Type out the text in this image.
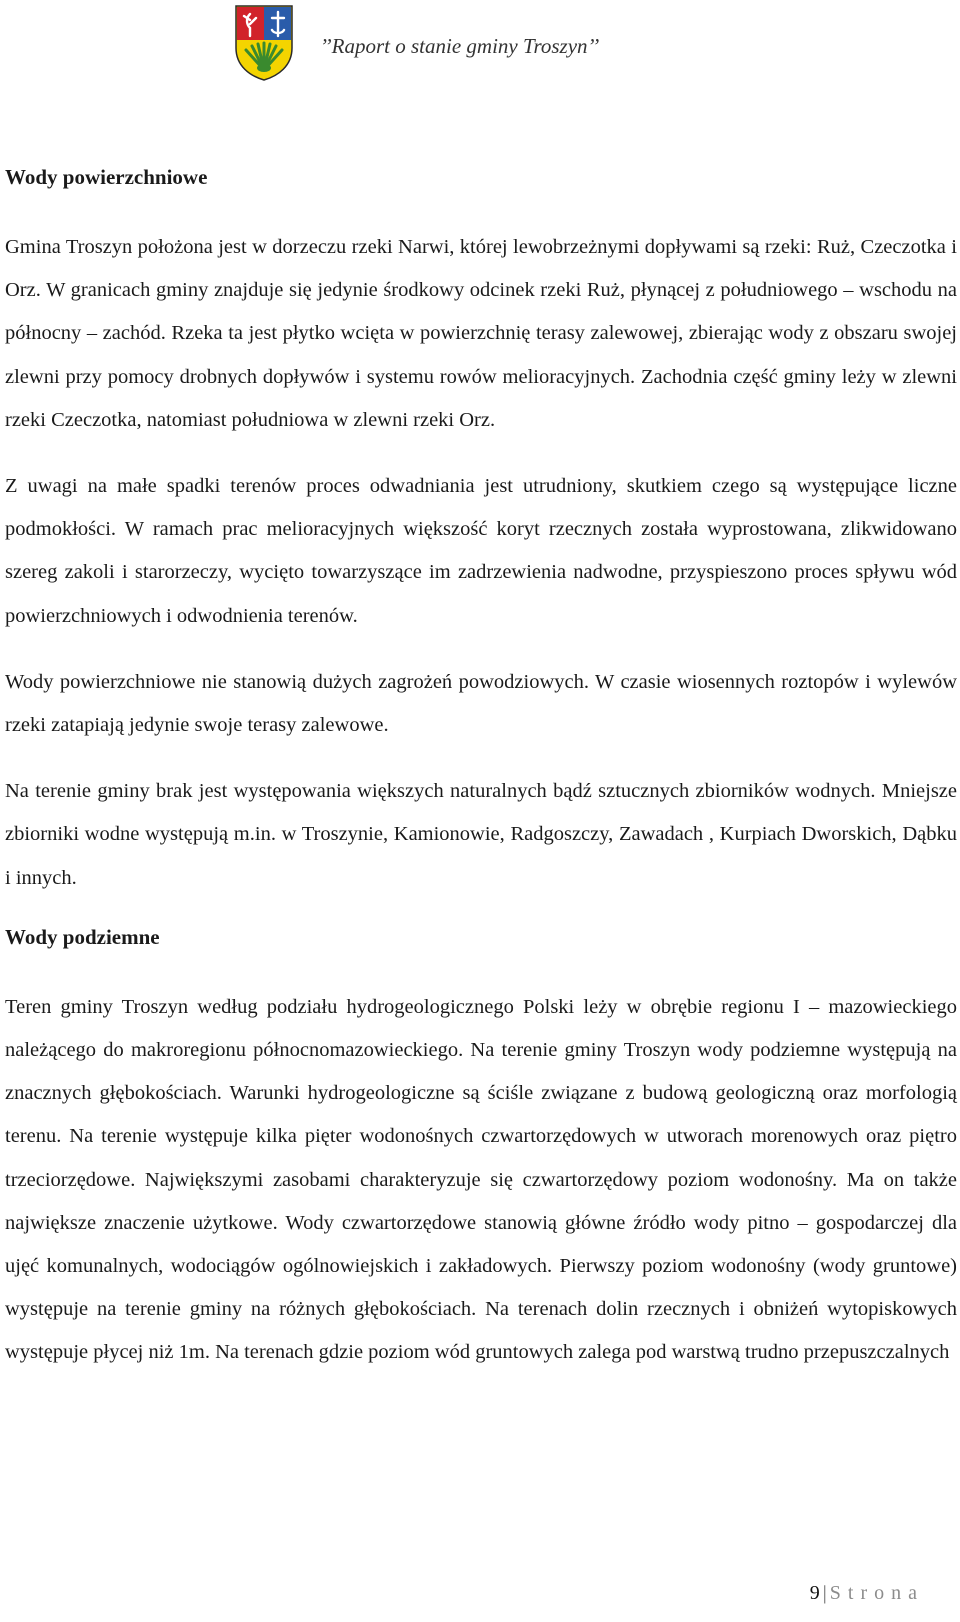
’’Raport o stanie gminy Troszyn’’
Wody powierzchniowe

Gmina Troszyn położona jest w dorzeczu rzeki Narwi, której lewobrzeżnymi dopływami są rzeki: Ruż, Czeczotka i Orz. W granicach gminy znajduje się jedynie środkowy odcinek rzeki Ruż, płynącej z południowego – wschodu na północny – zachód. Rzeka ta jest płytko wcięta w powierzchnię terasy zalewowej, zbierając wody z obszaru swojej zlewni przy pomocy drobnych dopływów i systemu rowów melioracyjnych. Zachodnia część gminy leży w zlewni rzeki Czeczotka, natomiast południowa w zlewni rzeki Orz.

Z uwagi na małe spadki terenów proces odwadniania jest utrudniony, skutkiem czego są występujące liczne podmokłości. W ramach prac melioracyjnych większość koryt rzecznych została wyprostowana, zlikwidowano szereg zakoli i starorzeczy, wycięto towarzyszące im zadrzewienia nadwodne, przyspieszono proces spływu wód powierzchniowych i odwodnienia terenów.

Wody powierzchniowe nie stanowią dużych zagrożeń powodziowych. W czasie wiosennych roztopów i wylewów rzeki zatapiają jedynie swoje terasy zalewowe.

Na terenie gminy brak jest występowania większych naturalnych bądź sztucznych zbiorników wodnych. Mniejsze zbiorniki wodne występują m.in. w Troszynie, Kamionowie, Radgoszczy, Zawadach , Kurpiach Dworskich, Dąbku i innych.

Wody podziemne

Teren gminy Troszyn według podziału hydrogeologicznego Polski leży w obrębie regionu I – mazowieckiego należącego do makroregionu północnomazowieckiego. Na terenie gminy Troszyn wody podziemne występują na znacznych głębokościach. Warunki hydrogeologiczne są ściśle związane z budową geologiczną oraz morfologią terenu. Na terenie występuje kilka pięter wodonośnych czwartorzędowych w utworach morenowych oraz piętro trzeciorzędowe. Największymi zasobami charakteryzuje się czwartorzędowy poziom wodonośny. Ma on także największe znaczenie użytkowe. Wody czwartorzędowe stanowią główne źródło wody pitno – gospodarczej dla ujęć komunalnych, wodociągów ogólnowiejskich i zakładowych. Pierwszy poziom wodonośny (wody gruntowe) występuje na terenie gminy na różnych głębokościach. Na terenach dolin rzecznych i obniżeń wytopiskowych występuje płycej niż 1m. Na terenach gdzie poziom wód gruntowych zalega pod warstwą trudno przepuszczalnych

9 | Strona
